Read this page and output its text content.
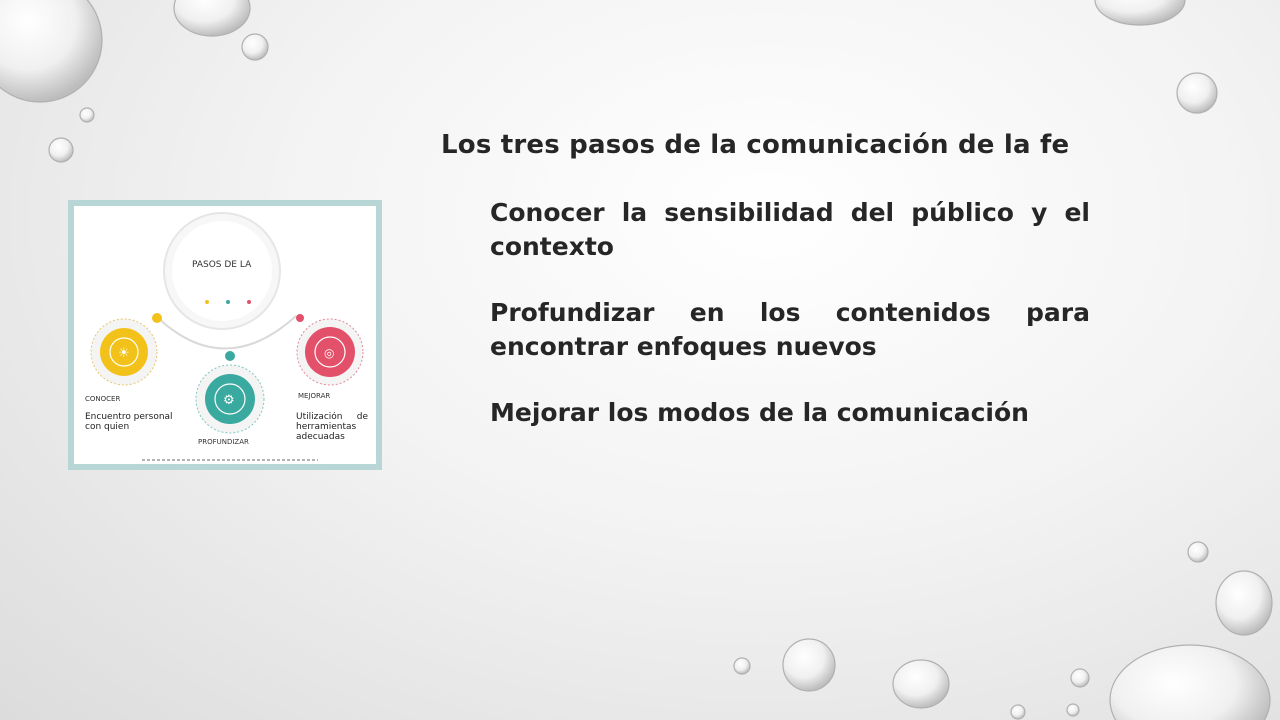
Los tres pasos de la comunicación de la fe
Conocer la sensibilidad del público y el contexto
Profundizar en los contenidos para encontrar enfoques nuevos
Mejorar los modos de la comunicación
☀
⚙
◎
PASOS DE LA
CONOCER
Encuentro personal con quien
PROFUNDIZAR
MEJORAR
Utilización de herramientas adecuadas
